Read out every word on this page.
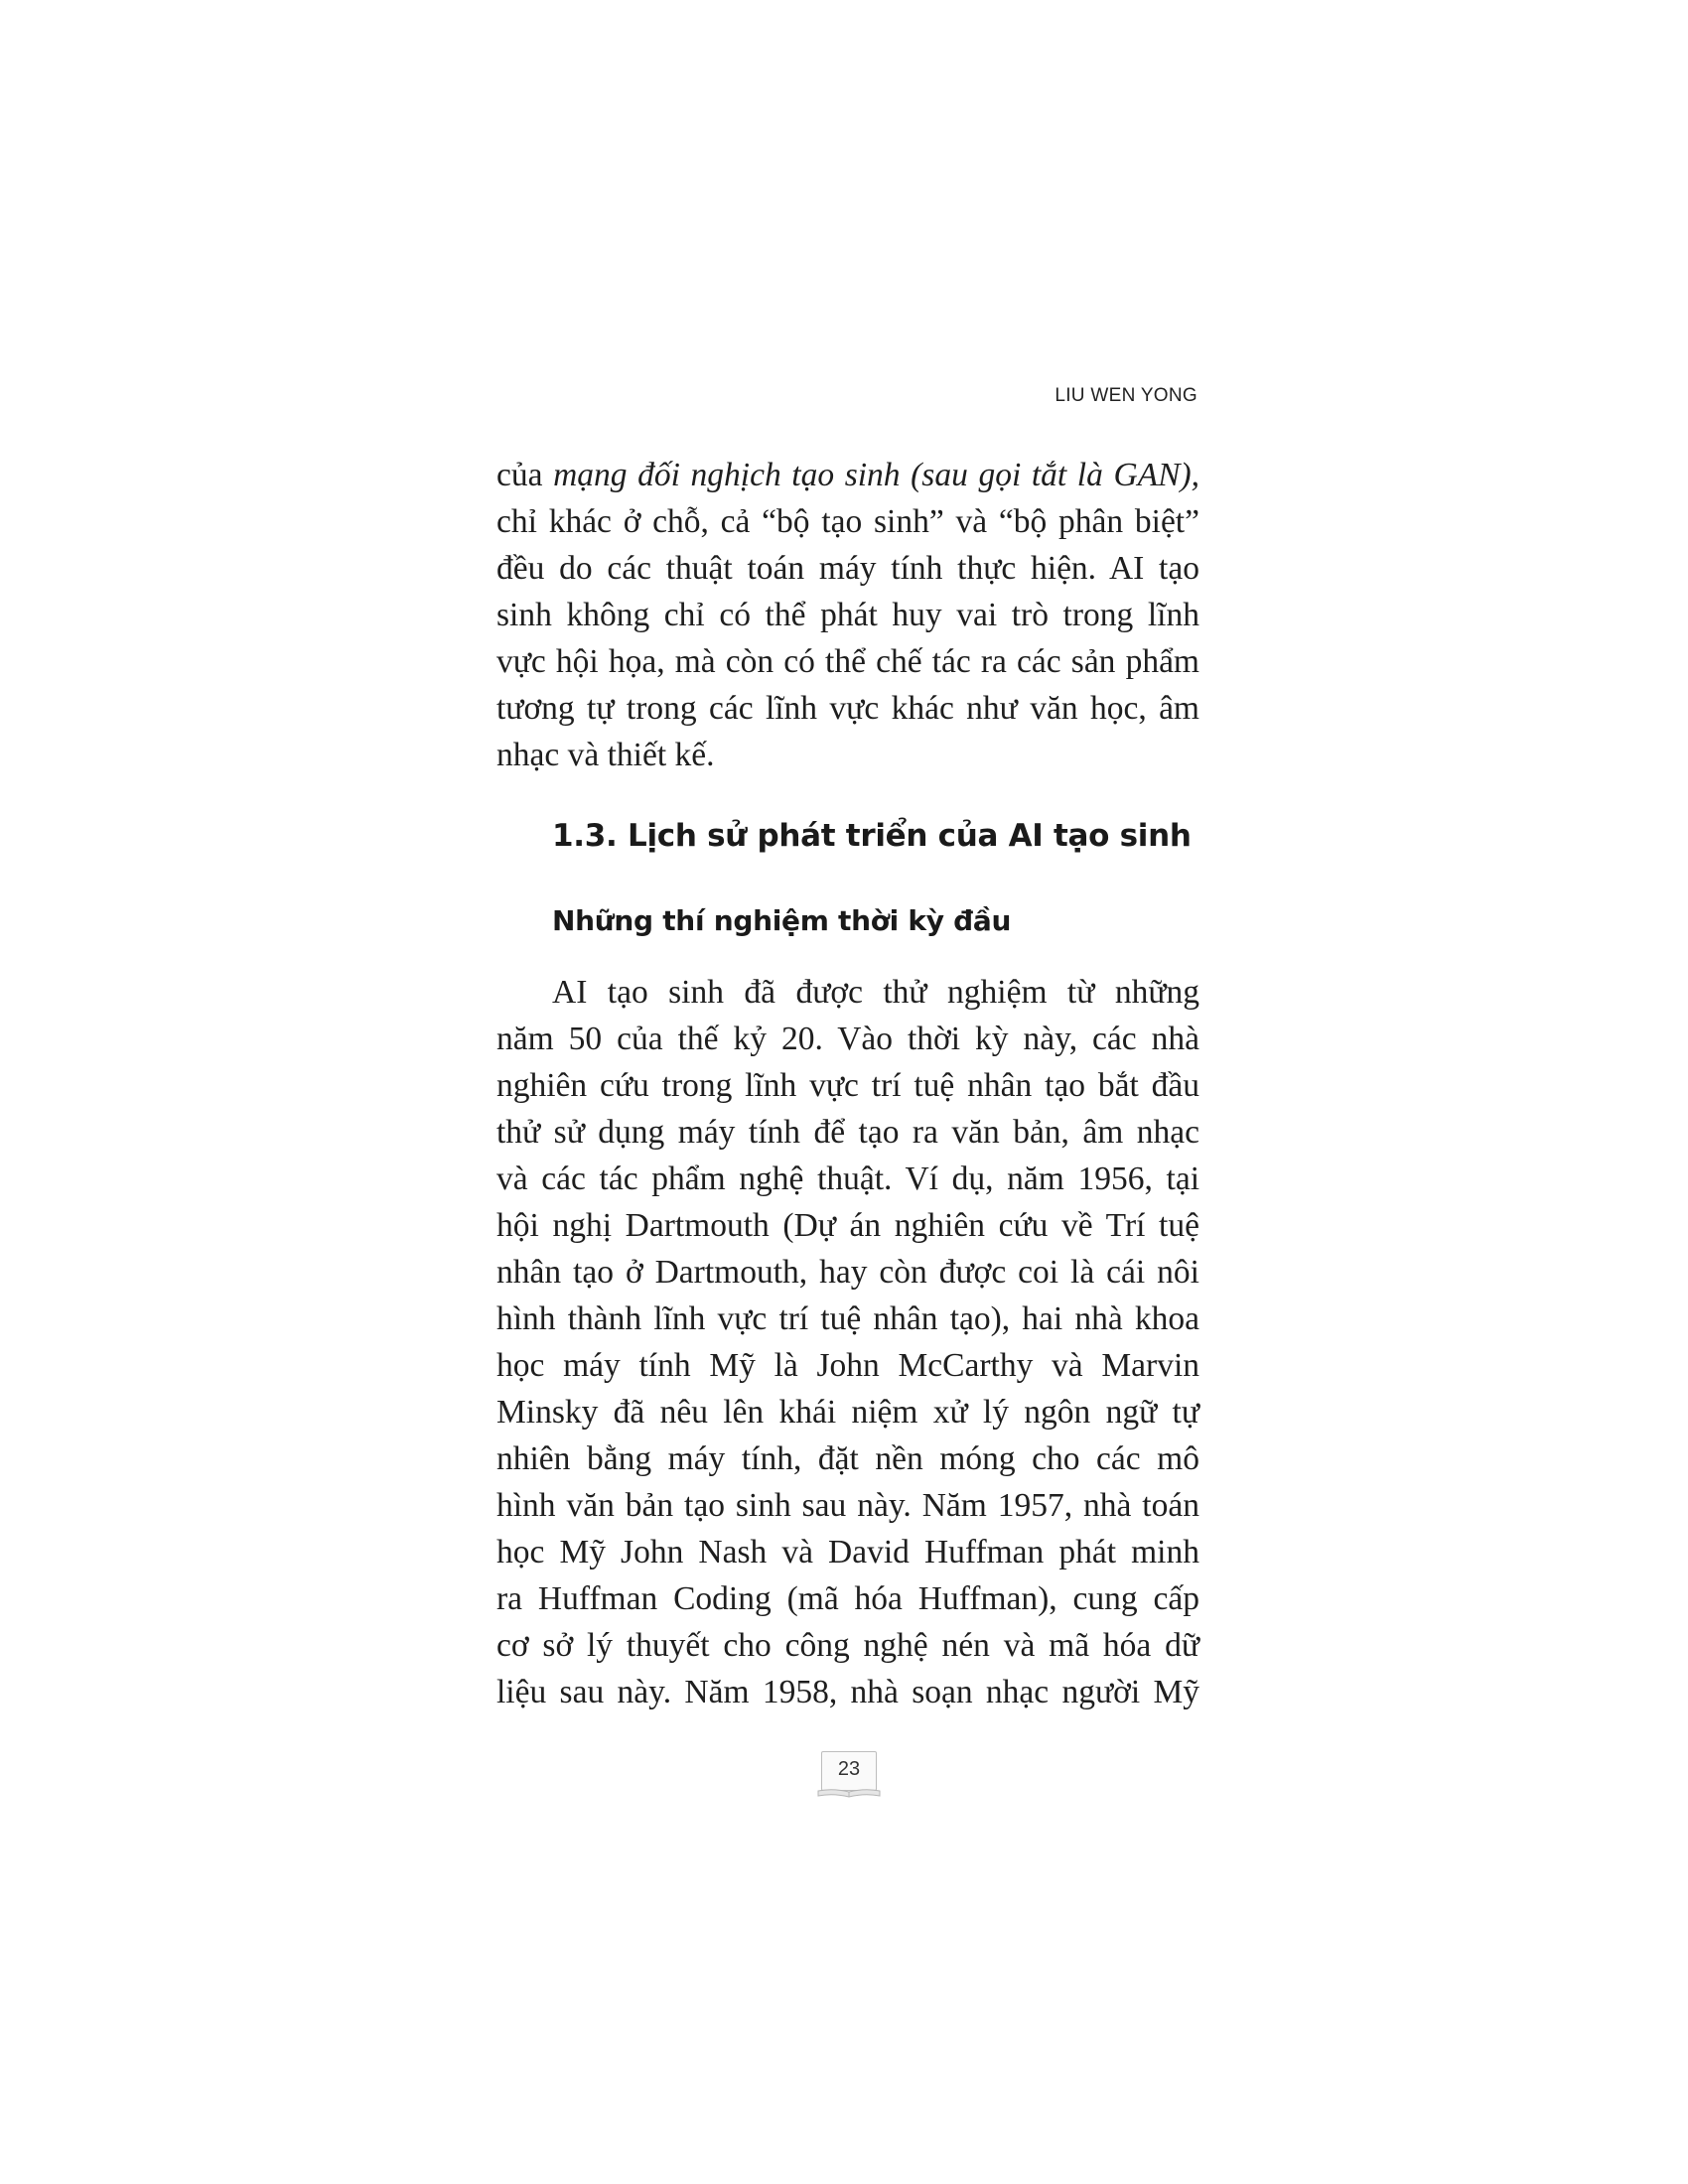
LIU WEN YONG
của mạng đối nghịch tạo sinh (sau gọi tắt là GAN),
chỉ khác ở chỗ, cả “bộ tạo sinh” và “bộ phân biệt”
đều do các thuật toán máy tính thực hiện. AI tạo
sinh không chỉ có thể phát huy vai trò trong lĩnh
vực hội họa, mà còn có thể chế tác ra các sản phẩm
tương tự trong các lĩnh vực khác như văn học, âm
nhạc và thiết kế.
1.3. Lịch sử phát triển của AI tạo sinh
Những thí nghiệm thời kỳ đầu
AI tạo sinh đã được thử nghiệm từ những
năm 50 của thế kỷ 20. Vào thời kỳ này, các nhà
nghiên cứu trong lĩnh vực trí tuệ nhân tạo bắt đầu
thử sử dụng máy tính để tạo ra văn bản, âm nhạc
và các tác phẩm nghệ thuật. Ví dụ, năm 1956, tại
hội nghị Dartmouth (Dự án nghiên cứu về Trí tuệ
nhân tạo ở Dartmouth, hay còn được coi là cái nôi
hình thành lĩnh vực trí tuệ nhân tạo), hai nhà khoa
học máy tính Mỹ là John McCarthy và Marvin
Minsky đã nêu lên khái niệm xử lý ngôn ngữ tự
nhiên bằng máy tính, đặt nền móng cho các mô
hình văn bản tạo sinh sau này. Năm 1957, nhà toán
học Mỹ John Nash và David Huffman phát minh
ra Huffman Coding (mã hóa Huffman), cung cấp
cơ sở lý thuyết cho công nghệ nén và mã hóa dữ
liệu sau này. Năm 1958, nhà soạn nhạc người Mỹ
23
